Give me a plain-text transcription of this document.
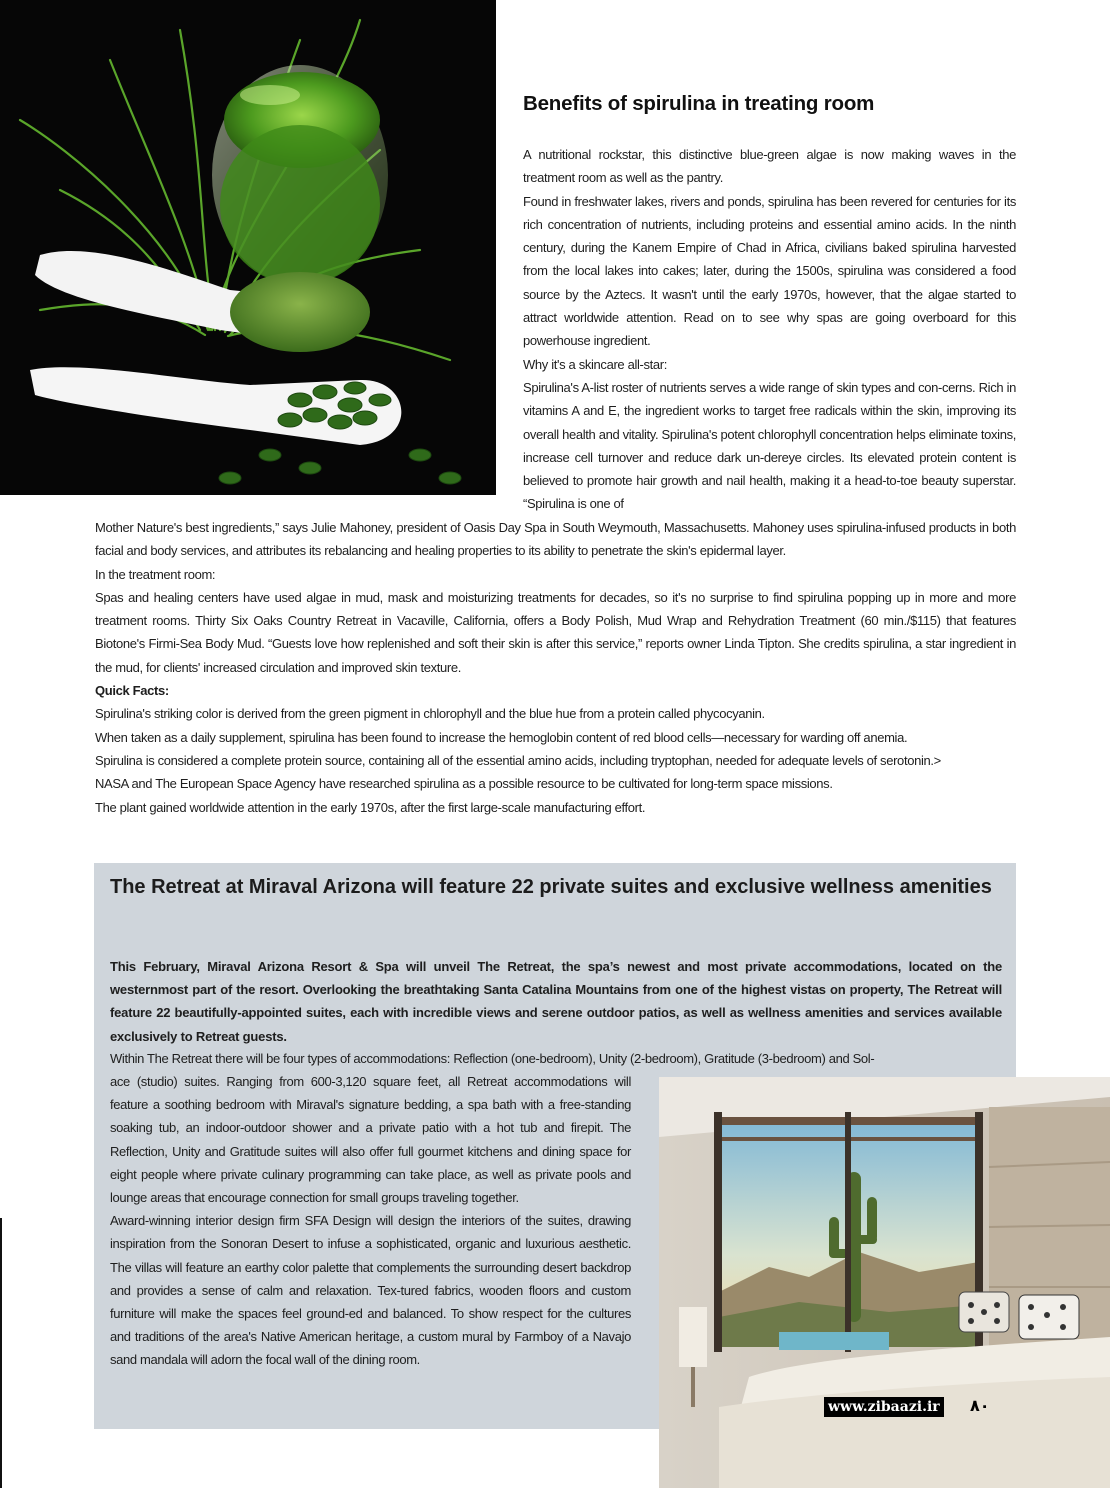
Benefits of spirulina in treating room

A nutritional rockstar, this distinctive blue-green algae is now making waves in the treatment room as well as the pantry.

Found in freshwater lakes, rivers and ponds, spirulina has been revered for centuries for its rich concentration of nutrients, including proteins and essential amino acids. In the ninth century, during the Kanem Empire of Chad in Africa, civilians baked spirulina harvested from the local lakes into cakes; later, during the 1500s, spirulina was considered a food source by the Aztecs. It wasn't until the early 1970s, however, that the algae started to attract worldwide attention. Read on to see why spas are going overboard for this powerhouse ingredient.

Why it's a skincare all-star:

Spirulina's A-list roster of nutrients serves a wide range of skin types and con-cerns. Rich in vitamins A and E, the ingredient works to target free radicals within the skin, improving its overall health and vitality. Spirulina's potent chlorophyll concentration helps eliminate toxins, increase cell turnover and reduce dark un-dereye circles. Its elevated protein content is believed to promote hair growth and nail health, making it a head-to-toe beauty superstar. “Spirulina is one of

Mother Nature's best ingredients,” says Julie Mahoney, president of Oasis Day Spa in South Weymouth, Massachusetts. Mahoney uses spirulina-infused products in both facial and body services, and attributes its rebalancing and healing properties to its ability to penetrate the skin's epidermal layer.

In the treatment room:

Spas and healing centers have used algae in mud, mask and moisturizing treatments for decades, so it's no surprise to find spirulina popping up in more and more treatment rooms. Thirty Six Oaks Country Retreat in Vacaville, California, offers a Body Polish, Mud Wrap and Rehydration Treatment (60 min./$115) that features Biotone's Firmi-Sea Body Mud. “Guests love how replenished and soft their skin is after this service,” reports owner Linda Tipton. She credits spirulina, a star ingredient in the mud, for clients' increased circulation and improved skin texture.

Quick Facts:

Spirulina's striking color is derived from the green pigment in chlorophyll and the blue hue from a protein called phycocyanin.

When taken as a daily supplement, spirulina has been found to increase the hemoglobin content of red blood cells—necessary for warding off anemia.

Spirulina is considered a complete protein source, containing all of the essential amino acids, including tryptophan, needed for adequate levels of serotonin.>

NASA and The European Space Agency have researched spirulina as a possible resource to be cultivated for long-term space missions.

The plant gained worldwide attention in the early 1970s, after the first large-scale manufacturing effort.

The Retreat at Miraval Arizona will feature 22 private suites and exclusive wellness amenities
This February, Miraval Arizona Resort & Spa will unveil The Retreat, the spa’s newest and most private accommodations, located on the westernmost part of the resort. Overlooking the breathtaking Santa Catalina Mountains from one of the highest vistas on property, The Retreat will feature 22 beautifully-appointed suites, each with incredible views and serene outdoor patios, as well as wellness amenities and services available exclusively to Retreat guests.

Within The Retreat there will be four types of accommodations: Reflection (one-bedroom), Unity (2-bedroom), Gratitude (3-bedroom) and Sol-

ace (studio) suites. Ranging from 600-3,120 square feet, all Retreat accommodations will feature a soothing bedroom with Miraval's signature bedding, a spa bath with a free-standing soaking tub, an indoor-outdoor shower and a private patio with a hot tub and firepit. The Reflection, Unity and Gratitude suites will also offer full gourmet kitchens and dining space for eight people where private culinary programming can take place, as well as private pools and lounge areas that encourage connection for small groups traveling together.

Award-winning interior design firm SFA Design will design the interiors of the suites, drawing inspiration from the Sonoran Desert to infuse a sophisticated, organic and luxurious aesthetic. The villas will feature an earthy color palette that complements the surrounding desert backdrop and provides a sense of calm and relaxation. Tex-tured fabrics, wooden floors and custom furniture will make the spaces feel ground-ed and balanced. To show respect for the cultures and traditions of the area's Native American heritage, a custom mural by Farmboy of a Navajo sand mandala will adorn the focal wall of the dining room.

www.zibaazi.ir ٨٠
